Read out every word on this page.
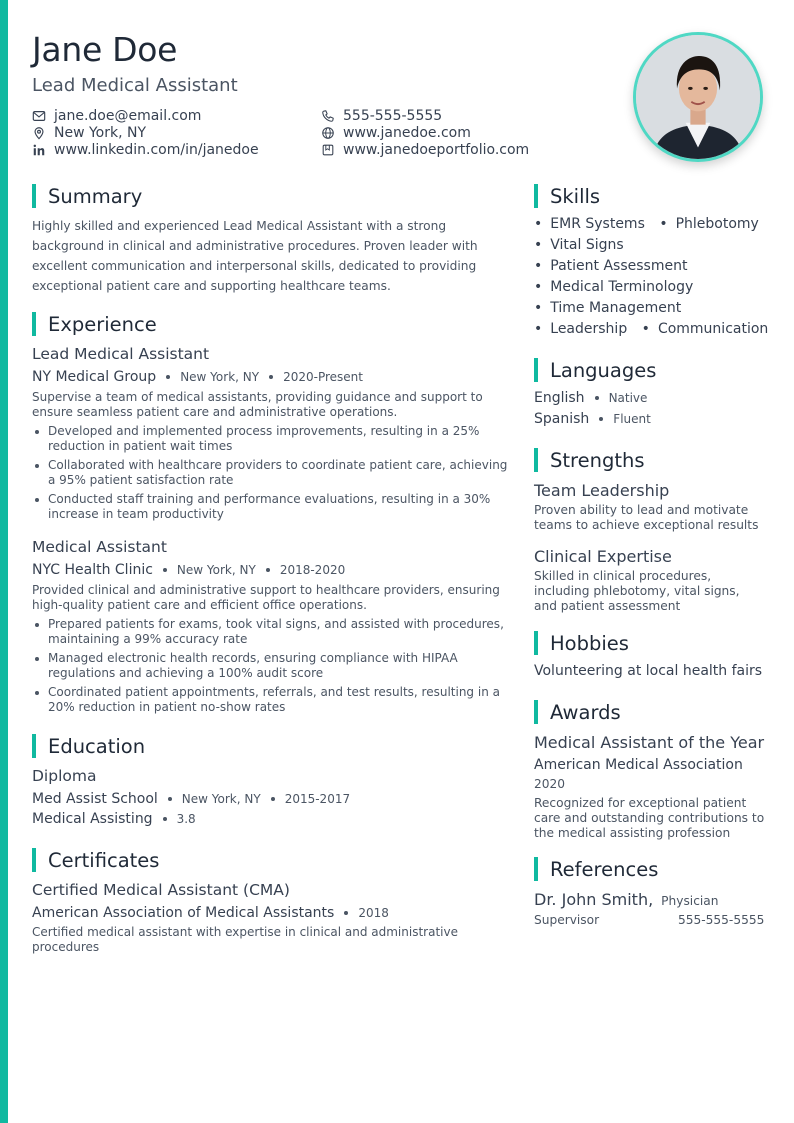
Jane Doe
Lead Medical Assistant
jane.doe@email.com
New York, NY
www.linkedin.com/in/janedoe
555-555-5555
www.janedoe.com
www.janedoeportfolio.com
Summary
Highly skilled and experienced Lead Medical Assistant with a strong background in clinical and administrative procedures. Proven leader with excellent communication and interpersonal skills, dedicated to providing exceptional patient care and supporting healthcare teams.
Experience
Lead Medical Assistant
NY Medical Group New York, NY 2020-Present
Supervise a team of medical assistants, providing guidance and support to ensure seamless patient care and administrative operations.
Developed and implemented process improvements, resulting in a 25% reduction in patient wait times
Collaborated with healthcare providers to coordinate patient care, achieving a 95% patient satisfaction rate
Conducted staff training and performance evaluations, resulting in a 30% increase in team productivity
Medical Assistant
NYC Health Clinic New York, NY 2018-2020
Provided clinical and administrative support to healthcare providers, ensuring high-quality patient care and efficient office operations.
Prepared patients for exams, took vital signs, and assisted with procedures, maintaining a 99% accuracy rate
Managed electronic health records, ensuring compliance with HIPAA regulations and achieving a 100% audit score
Coordinated patient appointments, referrals, and test results, resulting in a 20% reduction in patient no-show rates
Education
Diploma
Med Assist School New York, NY 2015-2017
Medical Assisting 3.8
Certificates
Certified Medical Assistant (CMA)
American Association of Medical Assistants 2018
Certified medical assistant with expertise in clinical and administrative procedures
Skills
• EMR Systems • Phlebotomy
• Vital Signs
• Patient Assessment
• Medical Terminology
• Time Management
• Leadership • Communication
Languages
English Native
Spanish Fluent
Strengths
Team Leadership
Proven ability to lead and motivate teams to achieve exceptional results
Clinical Expertise
Skilled in clinical procedures, including phlebotomy, vital signs, and patient assessment
Hobbies
Volunteering at local health fairs
Awards
Medical Assistant of the Year
American Medical Association
2020
Recognized for exceptional patient care and outstanding contributions to the medical assisting profession
References
Dr. John Smith, Physician
Supervisor	555-555-5555
